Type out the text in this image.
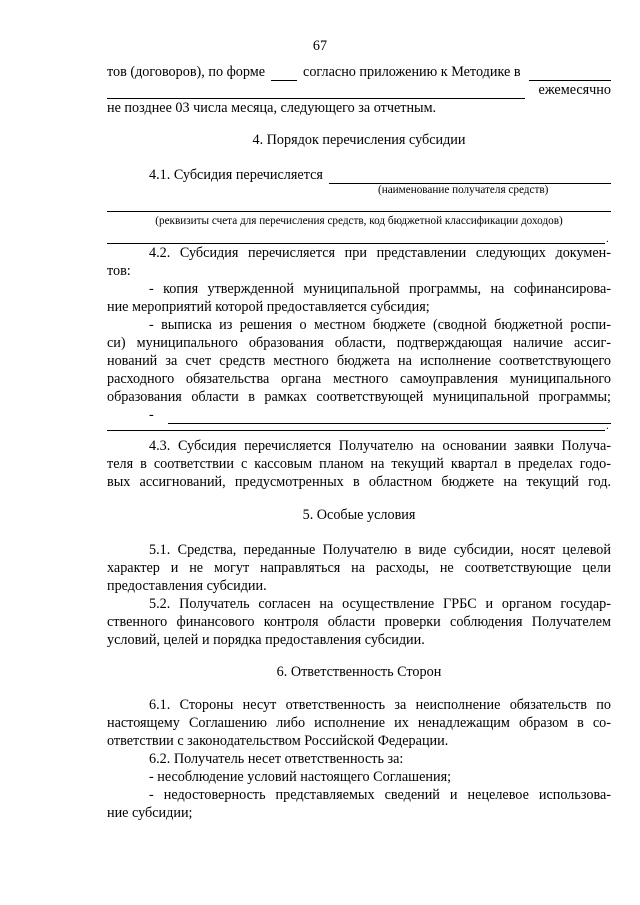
67
тов (договоров), по форме	согласно приложению к Методике в
ежемесячно
не позднее 03 числа месяца, следующего за отчетным.
4. Порядок перечисления субсидии
4.1. Субсидия перечисляется
(наименование получателя средств)
(реквизиты счета для перечисления средств, код бюджетной классификации доходов)
.
4.2. Субсидия перечисляется при представлении следующих докумен-
тов:
- копия утвержденной муниципальной программы, на софинансирова-
ние мероприятий которой предоставляется субсидия;
- выписка из решения о местном бюджете (сводной бюджетной роспи-
си) муниципального образования области, подтверждающая наличие ассиг-
нований за счет средств местного бюджета на исполнение соответствующего
расходного обязательства органа местного самоуправления муниципального
образования области в рамках соответствующей муниципальной программы;
-
.
4.3. Субсидия перечисляется Получателю на основании заявки Получа-
теля в соответствии с кассовым планом на текущий квартал в пределах годо-
вых ассигнований, предусмотренных в областном бюджете на текущий год.
5. Особые условия
5.1. Средства, переданные Получателю в виде субсидии, носят целевой
характер и не могут направляться на расходы, не соответствующие цели
предоставления субсидии.
5.2. Получатель согласен на осуществление ГРБС и органом государ-
ственного финансового контроля области проверки соблюдения Получателем
условий, целей и порядка предоставления субсидии.
6. Ответственность Сторон
6.1. Стороны несут ответственность за неисполнение обязательств по
настоящему Соглашению либо исполнение их ненадлежащим образом в со-
ответствии с законодательством Российской Федерации.
6.2. Получатель несет ответственность за:
- несоблюдение условий настоящего Соглашения;
- недостоверность представляемых сведений и нецелевое использова-
ние субсидии;
